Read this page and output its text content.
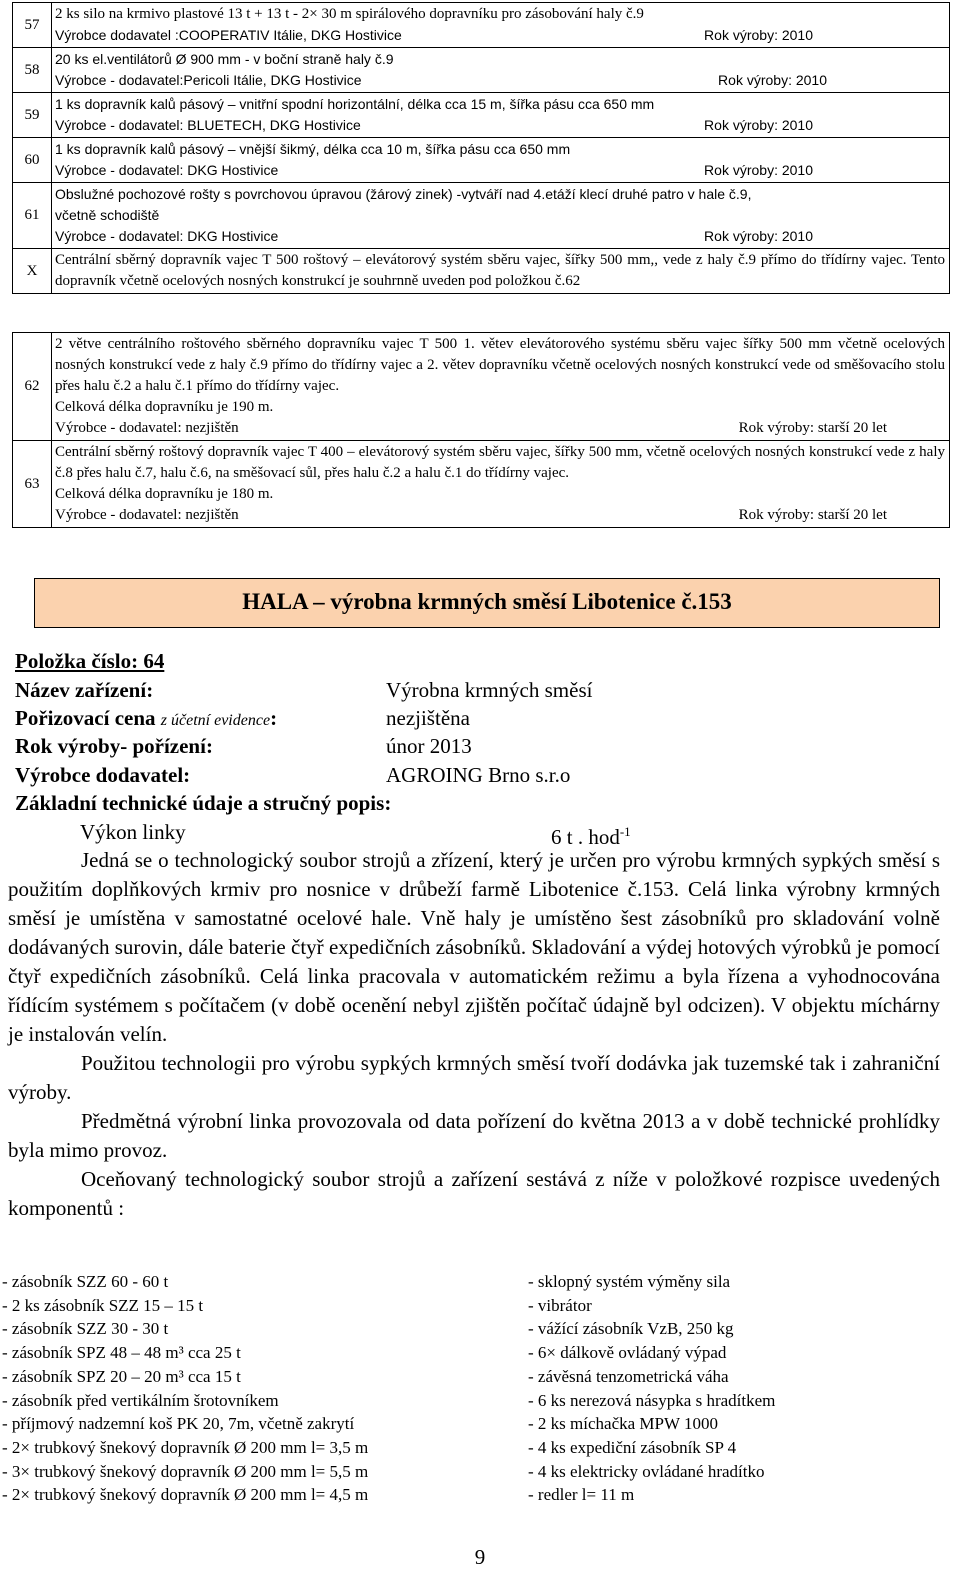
57	2 ks silo na krmivo plastové 13 t + 13 t - 2× 30 m spirálového dopravníku pro zásobování haly č.9
Výrobce dodavatel :COOPERATIV Itálie, DKG Hostivice Rok výroby: 2010

58	20 ks el.ventilátorů Ø 900 mm - v boční straně haly č.9
Výrobce - dodavatel:Pericoli Itálie, DKG Hostivice Rok výroby: 2010

59	1 ks dopravník kalů pásový – vnitřní spodní horizontální, délka cca 15 m, šířka pásu cca 650 mm
Výrobce - dodavatel: BLUETECH, DKG Hostivice Rok výroby: 2010

60	1 ks dopravník kalů pásový – vnější šikmý, délka cca 10 m, šířka pásu cca 650 mm
Výrobce - dodavatel: DKG Hostivice Rok výroby: 2010

61	Obslužné pochozové rošty s povrchovou úpravou (žárový zinek) -vytváří nad 4.etáží klecí druhé patro v hale č.9,
včetně schodiště
Výrobce - dodavatel: DKG Hostivice Rok výroby: 2010

X	Centrální sběrný dopravník vajec T 500 roštový – elevátorový systém sběru vajec, šířky 500 mm,, vede z haly č.9 přímo do třídírny vajec. Tento dopravník včetně ocelových nosných konstrukcí je souhrnně uveden pod položkou č.62
62	2 větve centrálního roštového sběrného dopravníku vajec T 500 1. větev elevátorového systému sběru vajec šířky 500 mm včetně ocelových nosných konstrukcí vede z haly č.9 přímo do třídírny vajec a 2. větev dopravníku včetně ocelových nosných konstrukcí vede od směšovacího stolu přes halu č.2 a halu č.1 přímo do třídírny vajec.
Celková délka dopravníku je 190 m.
Výrobce - dodavatel: nezjištěn Rok výroby: starší 20 let

63	Centrální sběrný roštový dopravník vajec T 400 – elevátorový systém sběru vajec, šířky 500 mm, včetně ocelových nosných konstrukcí vede z haly č.8 přes halu č.7, halu č.6, na směšovací sůl, přes halu č.2 a halu č.1 do třídírny vajec.
Celková délka dopravníku je 180 m.
Výrobce - dodavatel: nezjištěn Rok výroby: starší 20 let
HALA – výrobna krmných směsí Libotenice č.153
Položka číslo: 64
Název zařízení:	Výrobna krmných směsí
Pořizovací cena z účetní evidence:	nezjištěna
Rok výroby- pořízení:	únor 2013
Výrobce dodavatel:	AGROING Brno s.r.o
Základní technické údaje a stručný popis:
Výkon linky	6 t . hod$^{-1}$

Jedná se o technologický soubor strojů a zřízení, který je určen pro výrobu krmných sypkých směsí s použitím doplňkových krmiv pro nosnice v drůbeží farmě Libotenice č.153. Celá linka výrobny krmných směsí je umístěna v samostatné ocelové hale. Vně haly je umístěno šest zásobníků pro skladování volně dodávaných surovin, dále baterie čtyř expedičních zásobníků. Skladování a výdej hotových výrobků je pomocí čtyř expedičních zásobníků. Celá linka pracovala v automatickém režimu a byla řízena a vyhodnocována řídícím systémem s počítačem (v době ocenění nebyl zjištěn počítač údajně byl odcizen). V objektu míchárny je instalován velín.

Použitou technologii pro výrobu sypkých krmných směsí tvoří dodávka jak tuzemské tak i zahraniční výroby.

Předmětná výrobní linka provozovala od data pořízení do května 2013 a v době technické prohlídky byla mimo provoz.

Oceňovaný technologický soubor strojů a zařízení sestává z níže v položkové rozpisce uvedených komponentů :

- zásobník SZZ 60 - 60 t
- 2 ks zásobník SZZ 15 – 15 t
- zásobník SZZ 30 - 30 t
- zásobník SPZ 48 – 48 m³ cca 25 t
- zásobník SPZ 20 – 20 m³ cca 15 t
- zásobník před vertikálním šrotovníkem
- příjmový nadzemní koš PK 20, 7m, včetně zakrytí
- 2× trubkový šnekový dopravník Ø 200 mm l= 3,5 m
- 3× trubkový šnekový dopravník Ø 200 mm l= 5,5 m
- 2× trubkový šnekový dopravník Ø 200 mm l= 4,5 m
- sklopný systém výměny sila
- vibrátor
- vážící zásobník VzB, 250 kg
- 6× dálkově ovládaný výpad
- závěsná tenzometrická váha
- 6 ks nerezová násypka s hradítkem
- 2 ks míchačka MPW 1000
- 4 ks expediční zásobník SP 4
- 4 ks elektricky ovládané hradítko
- redler l= 11 m
9
